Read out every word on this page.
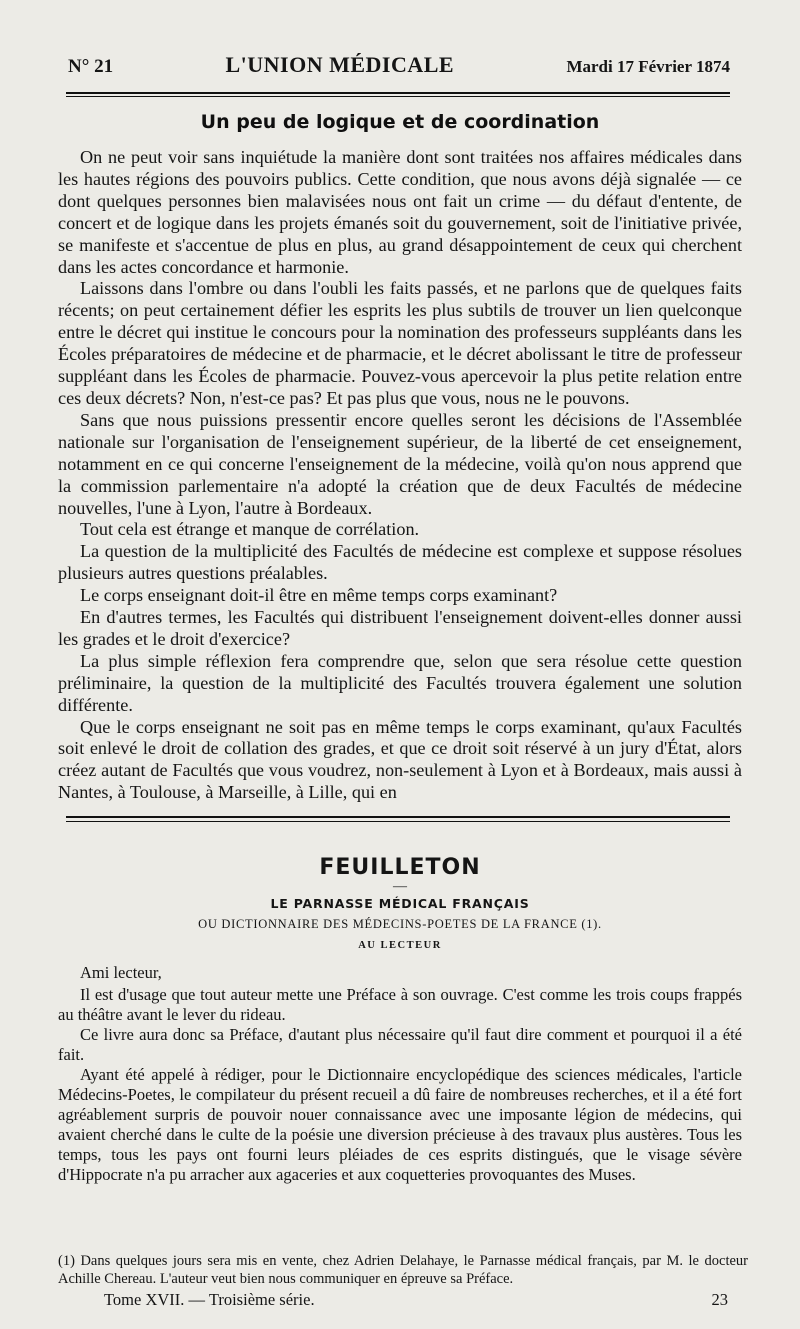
N° 21	L'UNION MÉDICALE	Mardi 17 Février 1874
Un peu de logique et de coordination

On ne peut voir sans inquiétude la manière dont sont traitées nos affaires médicales dans les hautes régions des pouvoirs publics. Cette condition, que nous avons déjà signalée — ce dont quelques personnes bien malavisées nous ont fait un crime — du défaut d'entente, de concert et de logique dans les projets émanés soit du gouvernement, soit de l'initiative privée, se manifeste et s'accentue de plus en plus, au grand désappointement de ceux qui cherchent dans les actes concordance et harmonie.

Laissons dans l'ombre ou dans l'oubli les faits passés, et ne parlons que de quelques faits récents; on peut certainement défier les esprits les plus subtils de trouver un lien quelconque entre le décret qui institue le concours pour la nomination des professeurs suppléants dans les Écoles préparatoires de médecine et de pharmacie, et le décret abolissant le titre de professeur suppléant dans les Écoles de pharmacie. Pouvez-vous apercevoir la plus petite relation entre ces deux décrets? Non, n'est-ce pas? Et pas plus que vous, nous ne le pouvons.

Sans que nous puissions pressentir encore quelles seront les décisions de l'Assemblée nationale sur l'organisation de l'enseignement supérieur, de la liberté de cet enseignement, notamment en ce qui concerne l'enseignement de la médecine, voilà qu'on nous apprend que la commission parlementaire n'a adopté la création que de deux Facultés de médecine nouvelles, l'une à Lyon, l'autre à Bordeaux.

Tout cela est étrange et manque de corrélation.

La question de la multiplicité des Facultés de médecine est complexe et suppose résolues plusieurs autres questions préalables.

Le corps enseignant doit-il être en même temps corps examinant?

En d'autres termes, les Facultés qui distribuent l'enseignement doivent-elles donner aussi les grades et le droit d'exercice?

La plus simple réflexion fera comprendre que, selon que sera résolue cette question préliminaire, la question de la multiplicité des Facultés trouvera également une solution différente.

Que le corps enseignant ne soit pas en même temps le corps examinant, qu'aux Facultés soit enlevé le droit de collation des grades, et que ce droit soit réservé à un jury d'État, alors créez autant de Facultés que vous voudrez, non-seulement à Lyon et à Bordeaux, mais aussi à Nantes, à Toulouse, à Marseille, à Lille, qui en

FEUILLETON
—
LE PARNASSE MÉDICAL FRANÇAIS
OU DICTIONNAIRE DES MÉDECINS-POETES DE LA FRANCE (1).
AU LECTEUR

Ami lecteur,

Il est d'usage que tout auteur mette une Préface à son ouvrage. C'est comme les trois coups frappés au théâtre avant le lever du rideau.

Ce livre aura donc sa Préface, d'autant plus nécessaire qu'il faut dire comment et pourquoi il a été fait.

Ayant été appelé à rédiger, pour le Dictionnaire encyclopédique des sciences médicales, l'article Médecins-Poetes, le compilateur du présent recueil a dû faire de nombreuses recherches, et il a été fort agréablement surpris de pouvoir nouer connaissance avec une imposante légion de médecins, qui avaient cherché dans le culte de la poésie une diversion précieuse à des travaux plus austères. Tous les temps, tous les pays ont fourni leurs pléiades de ces esprits distingués, que le visage sévère d'Hippocrate n'a pu arracher aux agaceries et aux coquetteries provoquantes des Muses.

(1) Dans quelques jours sera mis en vente, chez Adrien Delahaye, le Parnasse médical français, par M. le docteur Achille Chereau. L'auteur veut bien nous communiquer en épreuve sa Préface.
Tome XVII. — Troisième série.	23
